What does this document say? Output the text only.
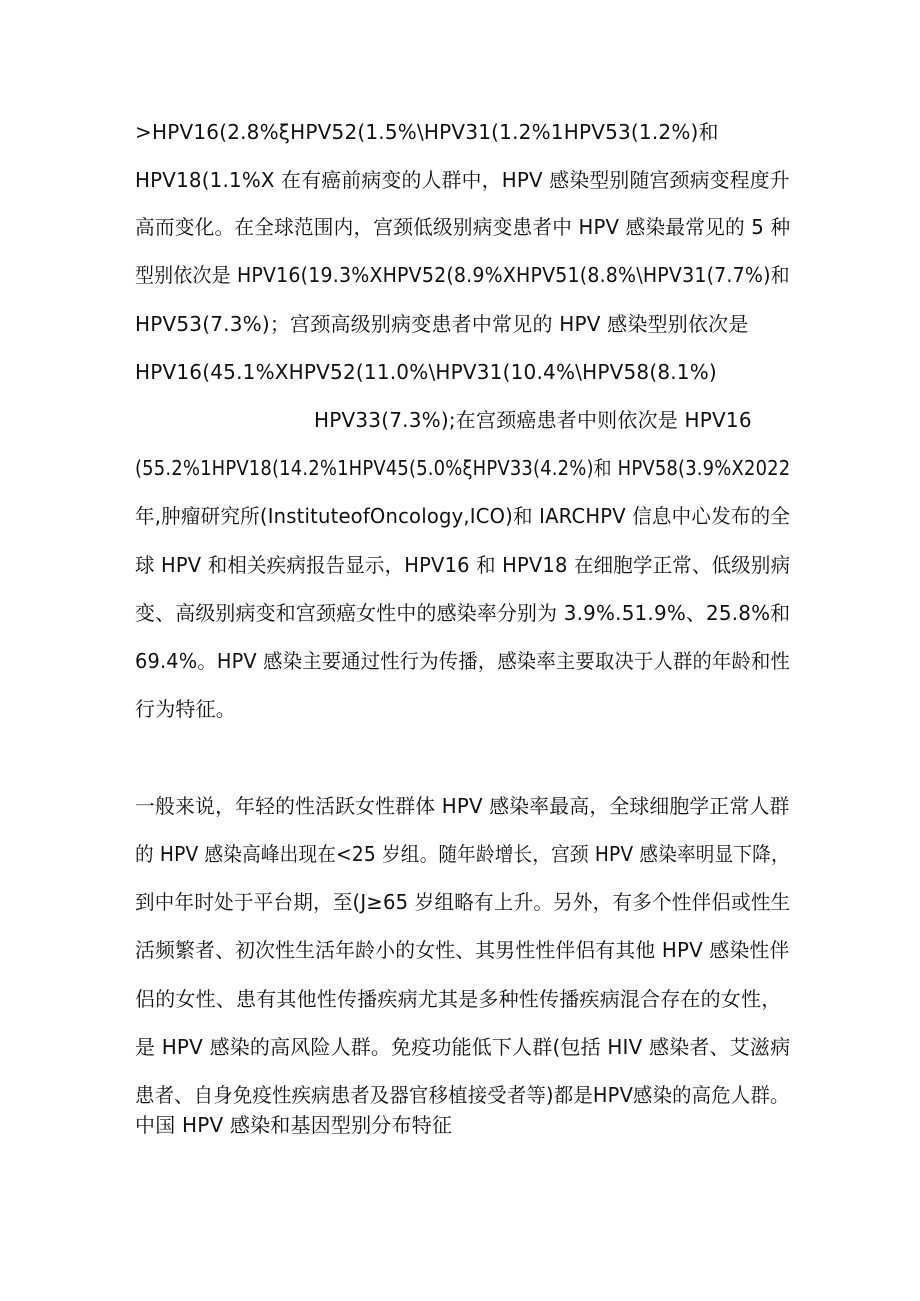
>HPV16(2.8%ξHPV52(1.5%\HPV31(1.2%1HPV53(1.2%)和
HPV18(1.1%X 在有癌前病变的人群中，HPV 感染型别随宫颈病变程度升
高而变化。在全球范围内，宫颈低级别病变患者中 HPV 感染最常见的 5 种
型别依次是 HPV16(19.3%XHPV52(8.9%XHPV51(8.8%\HPV31(7.7%)和
HPV53(7.3%)；宫颈高级别病变患者中常见的 HPV 感染型别依次是
HPV16(45.1%XHPV52(11.0%\HPV31(10.4%\HPV58(8.1%)
HPV33(7.3%);在宫颈癌患者中则依次是 HPV16
(55.2%1HPV18(14.2%1HPV45(5.0%ξHPV33(4.2%)和 HPV58(3.9%X2022
年,肿瘤研究所(InstituteofOncology,ICO)和 IARCHPV 信息中心发布的全
球 HPV 和相关疾病报告显示，HPV16 和 HPV18 在细胞学正常、低级别病
变、高级别病变和宫颈癌女性中的感染率分别为 3.9%.51.9%、25.8%和
69.4%。HPV 感染主要通过性行为传播，感染率主要取决于人群的年龄和性
行为特征。
一般来说，年轻的性活跃女性群体 HPV 感染率最高，全球细胞学正常人群
的 HPV 感染高峰出现在<25 岁组。随年龄增长，宫颈 HPV 感染率明显下降，
到中年时处于平台期，至(J≥65 岁组略有上升。另外，有多个性伴侣或性生
活频繁者、初次性生活年龄小的女性、其男性性伴侣有其他 HPV 感染性伴
侣的女性、患有其他性传播疾病尤其是多种性传播疾病混合存在的女性，
是 HPV 感染的高风险人群。免疫功能低下人群(包括 HIV 感染者、艾滋病
患者、自身免疫性疾病患者及器官移植接受者等)都是HPV感染的高危人群。
中国 HPV 感染和基因型别分布特征
